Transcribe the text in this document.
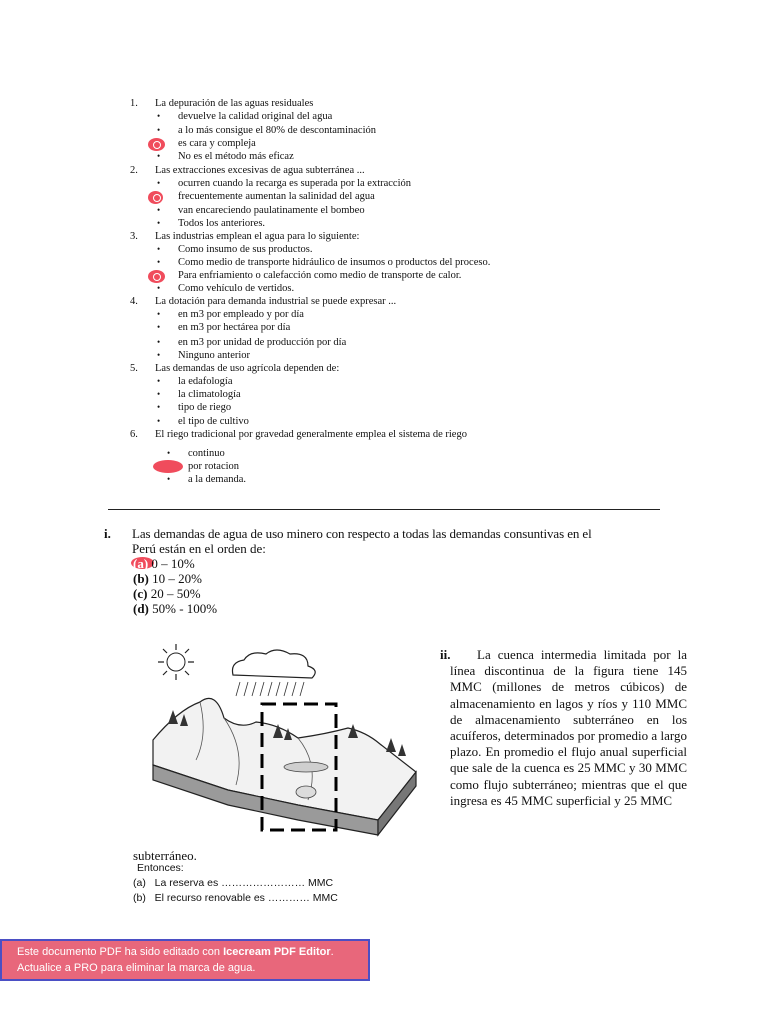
1. La depuración de las aguas residuales
• devuelve la calidad original del agua
• a lo más consigue el 80% de descontaminación
es cara y compleja
• No es el método más eficaz
2. Las extracciones excesivas de agua subterránea ...
• ocurren cuando la recarga es superada por la extracción
frecuentemente aumentan la salinidad del agua
• van encareciendo paulatinamente el bombeo
• Todos los anteriores.
3. Las industrias emplean el agua para lo siguiente:
• Como insumo de sus productos.
• Como medio de transporte hidráulico de insumos o productos del proceso.
Para enfriamiento o calefacción como medio de transporte de calor.
• Como vehículo de vertidos.
4. La dotación para demanda industrial se puede expresar ...
• en m3 por empleado y por día
• en m3 por hectárea por día
• en m3 por unidad de producción por día
• Ninguno anterior
5. Las demandas de uso agrícola dependen de:
• la edafología
• la climatología
• tipo de riego
• el tipo de cultivo
6. El riego tradicional por gravedad generalmente emplea el sistema de riego
• continuo
por rotacion
• a la demanda.
i. Las demandas de agua de uso minero con respecto a todas las demandas consuntivas en el
Perú están en el orden de:
(a) 0 – 10%
(b) 10 – 20%
(c) 20 – 50%
(d) 50% - 100%
ii.	La cuenca intermedia limitada por la línea discontinua de la figura tiene 145 MMC (millones de metros cúbicos) de almacenamiento en lagos y ríos y 110 MMC de almacenamiento subterráneo en los acuíferos, determinados por promedio a largo plazo. En promedio el flujo anual superficial que sale de la cuenca es 25 MMC y 30 MMC como flujo subterráneo; mientras que el que ingresa es 45 MMC superficial y 25 MMC
subterráneo.
Entonces:
(a) La reserva es …………………… MMC
(b) El recurso renovable es ………… MMC
Este documento PDF ha sido editado con Icecream PDF Editor.
Actualice a PRO para eliminar la marca de agua.
